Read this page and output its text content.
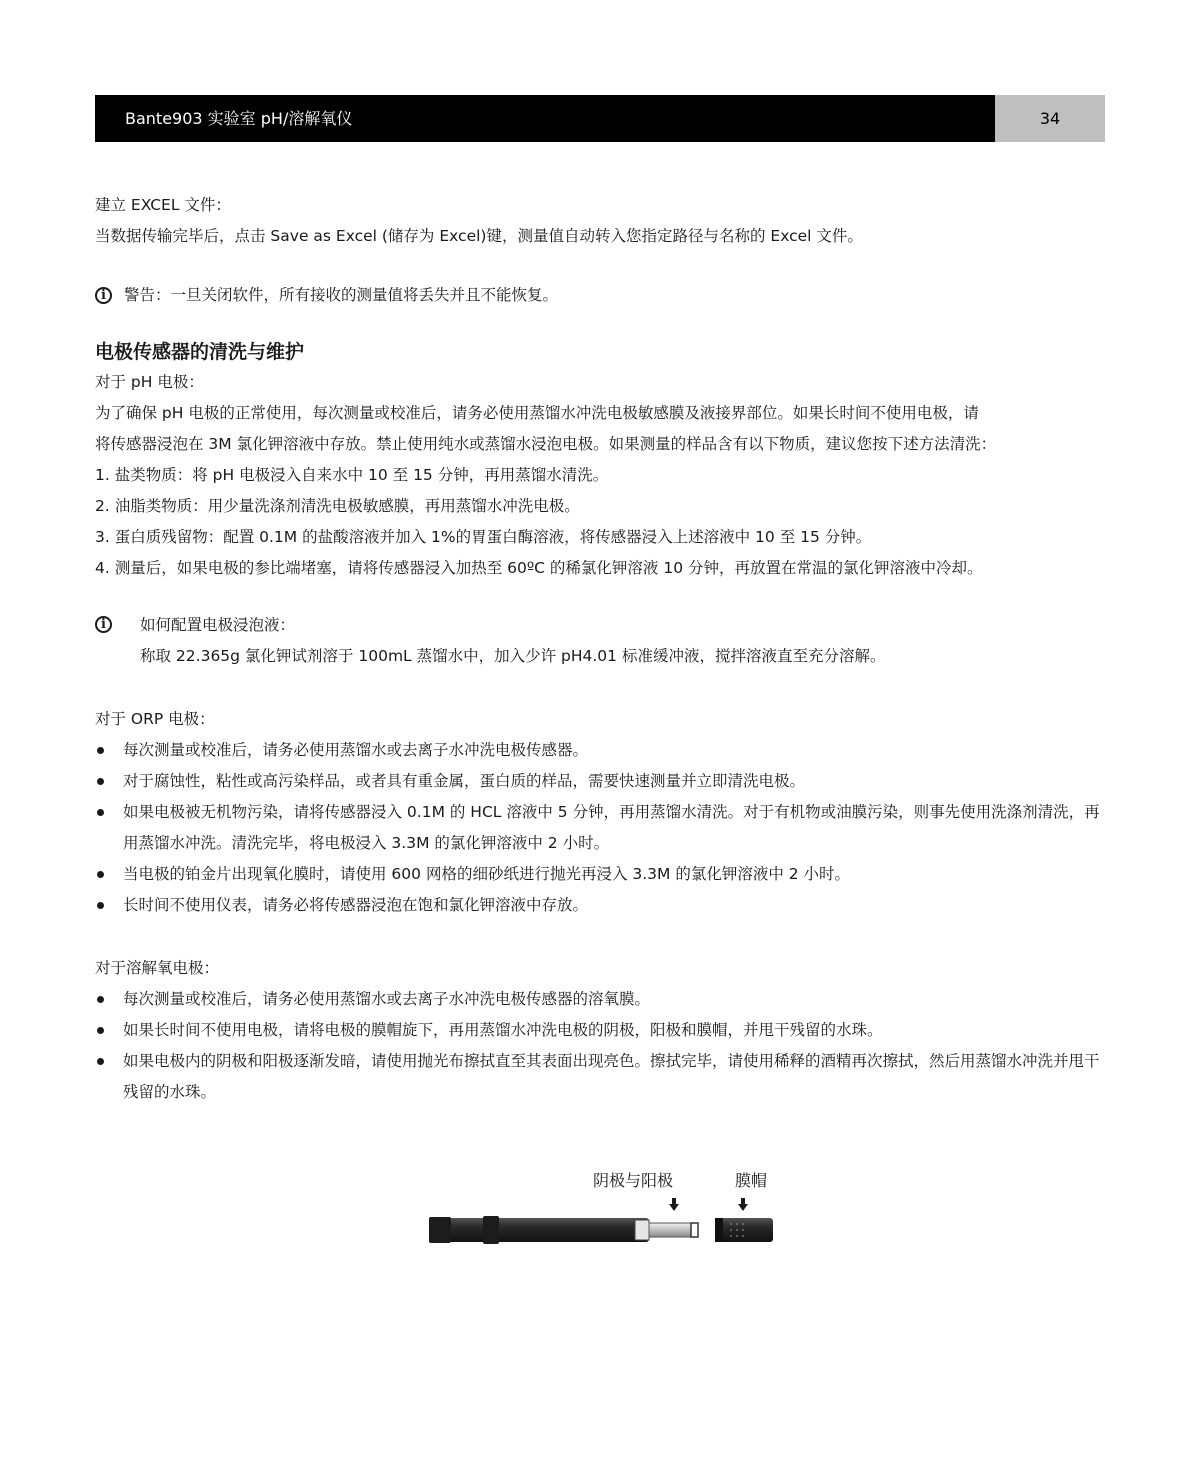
Bante903 实验室 pH/溶解氧仪	34

建立 EXCEL 文件：

当数据传输完毕后，点击 Save as Excel (储存为 Excel)键，测量值自动转入您指定路径与名称的 Excel 文件。

i	警告：一旦关闭软件，所有接收的测量值将丢失并且不能恢复。
电极传感器的清洗与维护

对于 pH 电极：

为了确保 pH 电极的正常使用，每次测量或校准后，请务必使用蒸馏水冲洗电极敏感膜及液接界部位。如果长时间不使用电极，请

将传感器浸泡在 3M 氯化钾溶液中存放。禁止使用纯水或蒸馏水浸泡电极。如果测量的样品含有以下物质，建议您按下述方法清洗：

1. 盐类物质：将 pH 电极浸入自来水中 10 至 15 分钟，再用蒸馏水清洗。

2. 油脂类物质：用少量洗涤剂清洗电极敏感膜，再用蒸馏水冲洗电极。

3. 蛋白质残留物：配置 0.1M 的盐酸溶液并加入 1%的胃蛋白酶溶液，将传感器浸入上述溶液中 10 至 15 分钟。

4. 测量后，如果电极的参比端堵塞，请将传感器浸入加热至 60ºC 的稀氯化钾溶液 10 分钟，再放置在常温的氯化钾溶液中冷却。

i	如何配置电极浸泡液：

称取 22.365g 氯化钾试剂溶于 100mL 蒸馏水中，加入少许 pH4.01 标准缓冲液，搅拌溶液直至充分溶解。

对于 ORP 电极：

每次测量或校准后，请务必使用蒸馏水或去离子水冲洗电极传感器。
对于腐蚀性，粘性或高污染样品，或者具有重金属，蛋白质的样品，需要快速测量并立即清洗电极。
如果电极被无机物污染，请将传感器浸入 0.1M 的 HCL 溶液中 5 分钟，再用蒸馏水清洗。对于有机物或油膜污染，则事先使用洗涤剂清洗，再用蒸馏水冲洗。清洗完毕，将电极浸入 3.3M 的氯化钾溶液中 2 小时。
当电极的铂金片出现氧化膜时，请使用 600 网格的细砂纸进行抛光再浸入 3.3M 的氯化钾溶液中 2 小时。
长时间不使用仪表，请务必将传感器浸泡在饱和氯化钾溶液中存放。

对于溶解氧电极：

每次测量或校准后，请务必使用蒸馏水或去离子水冲洗电极传感器的溶氧膜。
如果长时间不使用电极，请将电极的膜帽旋下，再用蒸馏水冲洗电极的阴极，阳极和膜帽，并甩干残留的水珠。
如果电极内的阴极和阳极逐渐发暗，请使用抛光布擦拭直至其表面出现亮色。擦拭完毕，请使用稀释的酒精再次擦拭，然后用蒸馏水冲洗并甩干残留的水珠。
阴极与阳极	膜帽
